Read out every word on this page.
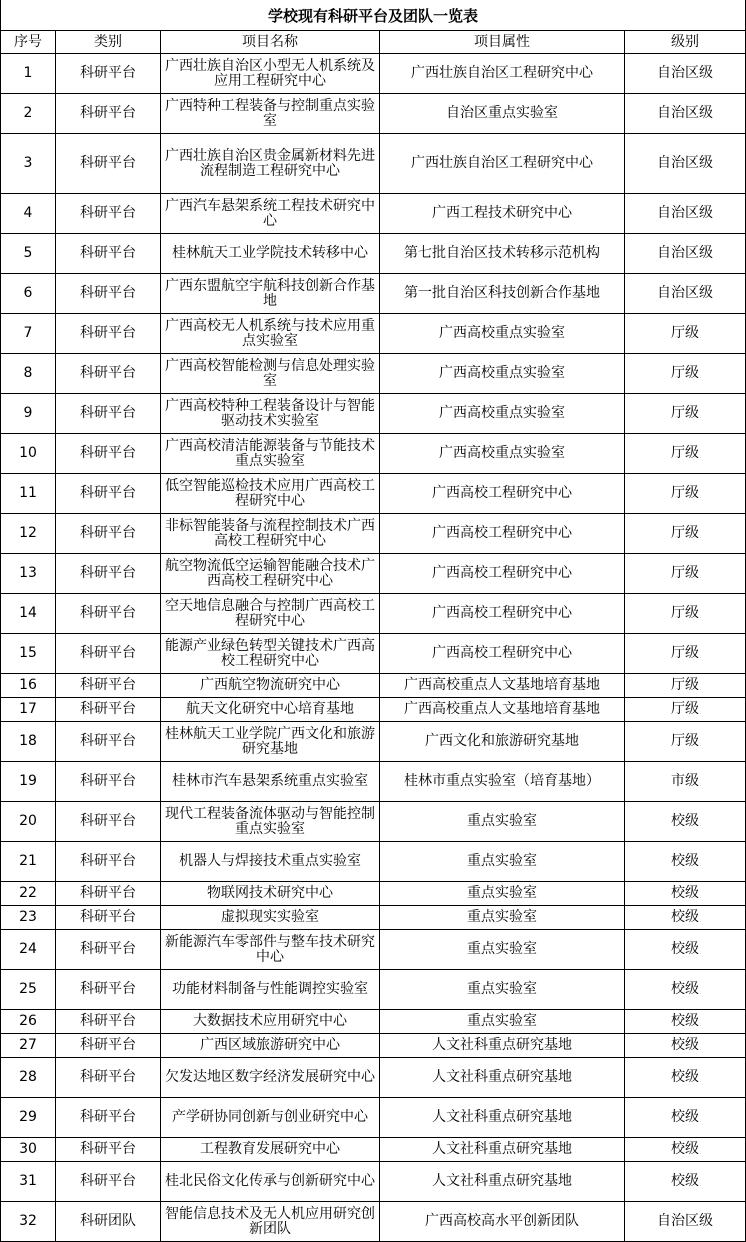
学校现有科研平台及团队一览表
序号	类别	项目名称	项目属性	级别
1	科研平台	广西壮族自治区小型无人机系统及应用工程研究中心	广西壮族自治区工程研究中心	自治区级
2	科研平台	广西特种工程装备与控制重点实验室	自治区重点实验室	自治区级
3	科研平台	广西壮族自治区贵金属新材料先进流程制造工程研究中心	广西壮族自治区工程研究中心	自治区级
4	科研平台	广西汽车悬架系统工程技术研究中心	广西工程技术研究中心	自治区级
5	科研平台	桂林航天工业学院技术转移中心	第七批自治区技术转移示范机构	自治区级
6	科研平台	广西东盟航空宇航科技创新合作基地	第一批自治区科技创新合作基地	自治区级
7	科研平台	广西高校无人机系统与技术应用重点实验室	广西高校重点实验室	厅级
8	科研平台	广西高校智能检测与信息处理实验室	广西高校重点实验室	厅级
9	科研平台	广西高校特种工程装备设计与智能驱动技术实验室	广西高校重点实验室	厅级
10	科研平台	广西高校清洁能源装备与节能技术重点实验室	广西高校重点实验室	厅级
11	科研平台	低空智能巡检技术应用广西高校工程研究中心	广西高校工程研究中心	厅级
12	科研平台	非标智能装备与流程控制技术广西高校工程研究中心	广西高校工程研究中心	厅级
13	科研平台	航空物流低空运输智能融合技术广西高校工程研究中心	广西高校工程研究中心	厅级
14	科研平台	空天地信息融合与控制广西高校工程研究中心	广西高校工程研究中心	厅级
15	科研平台	能源产业绿色转型关键技术广西高校工程研究中心	广西高校工程研究中心	厅级
16	科研平台	广西航空物流研究中心	广西高校重点人文基地培育基地	厅级
17	科研平台	航天文化研究中心培育基地	广西高校重点人文基地培育基地	厅级
18	科研平台	桂林航天工业学院广西文化和旅游研究基地	广西文化和旅游研究基地	厅级
19	科研平台	桂林市汽车悬架系统重点实验室	桂林市重点实验室（培育基地）	市级
20	科研平台	现代工程装备流体驱动与智能控制重点实验室	重点实验室	校级
21	科研平台	机器人与焊接技术重点实验室	重点实验室	校级
22	科研平台	物联网技术研究中心	重点实验室	校级
23	科研平台	虚拟现实实验室	重点实验室	校级
24	科研平台	新能源汽车零部件与整车技术研究中心	重点实验室	校级
25	科研平台	功能材料制备与性能调控实验室	重点实验室	校级
26	科研平台	大数据技术应用研究中心	重点实验室	校级
27	科研平台	广西区域旅游研究中心	人文社科重点研究基地	校级
28	科研平台	欠发达地区数字经济发展研究中心	人文社科重点研究基地	校级
29	科研平台	产学研协同创新与创业研究中心	人文社科重点研究基地	校级
30	科研平台	工程教育发展研究中心	人文社科重点研究基地	校级
31	科研平台	桂北民俗文化传承与创新研究中心	人文社科重点研究基地	校级
32	科研团队	智能信息技术及无人机应用研究创新团队	广西高校高水平创新团队	自治区级
